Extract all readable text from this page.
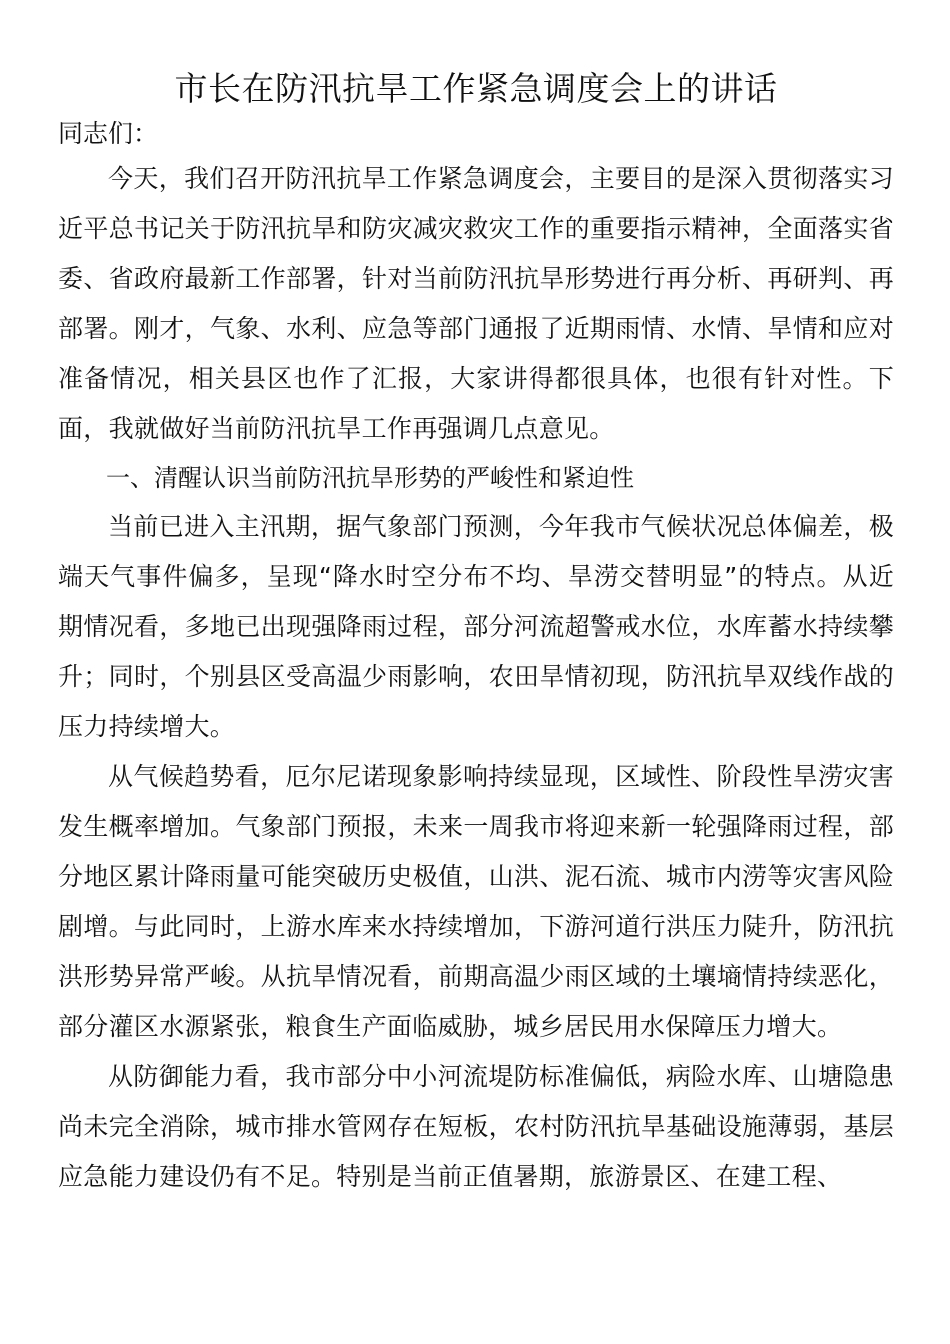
市长在防汛抗旱工作紧急调度会上的讲话

同志们：

今天，我们召开防汛抗旱工作紧急调度会，主要目的是深入贯彻落实习近平总书记关于防汛抗旱和防灾减灾救灾工作的重要指示精神，全面落实省委、省政府最新工作部署，针对当前防汛抗旱形势进行再分析、再研判、再部署。刚才，气象、水利、应急等部门通报了近期雨情、水情、旱情和应对准备情况，相关县区也作了汇报，大家讲得都很具体，也很有针对性。下面，我就做好当前防汛抗旱工作再强调几点意见。

一、清醒认识当前防汛抗旱形势的严峻性和紧迫性

当前已进入主汛期，据气象部门预测，今年我市气候状况总体偏差，极端天气事件偏多，呈现“降水时空分布不均、旱涝交替明显”的特点。从近期情况看，多地已出现强降雨过程，部分河流超警戒水位，水库蓄水持续攀升；同时，个别县区受高温少雨影响，农田旱情初现，防汛抗旱双线作战的压力持续增大。

从气候趋势看，厄尔尼诺现象影响持续显现，区域性、阶段性旱涝灾害发生概率增加。气象部门预报，未来一周我市将迎来新一轮强降雨过程，部分地区累计降雨量可能突破历史极值，山洪、泥石流、城市内涝等灾害风险剧增。与此同时，上游水库来水持续增加，下游河道行洪压力陡升，防汛抗洪形势异常严峻。从抗旱情况看，前期高温少雨区域的土壤墒情持续恶化，部分灌区水源紧张，粮食生产面临威胁，城乡居民用水保障压力增大。

从防御能力看，我市部分中小河流堤防标准偏低，病险水库、山塘隐患尚未完全消除，城市排水管网存在短板，农村防汛抗旱基础设施薄弱，基层应急能力建设仍有不足。特别是当前正值暑期，旅游景区、在建工程、
